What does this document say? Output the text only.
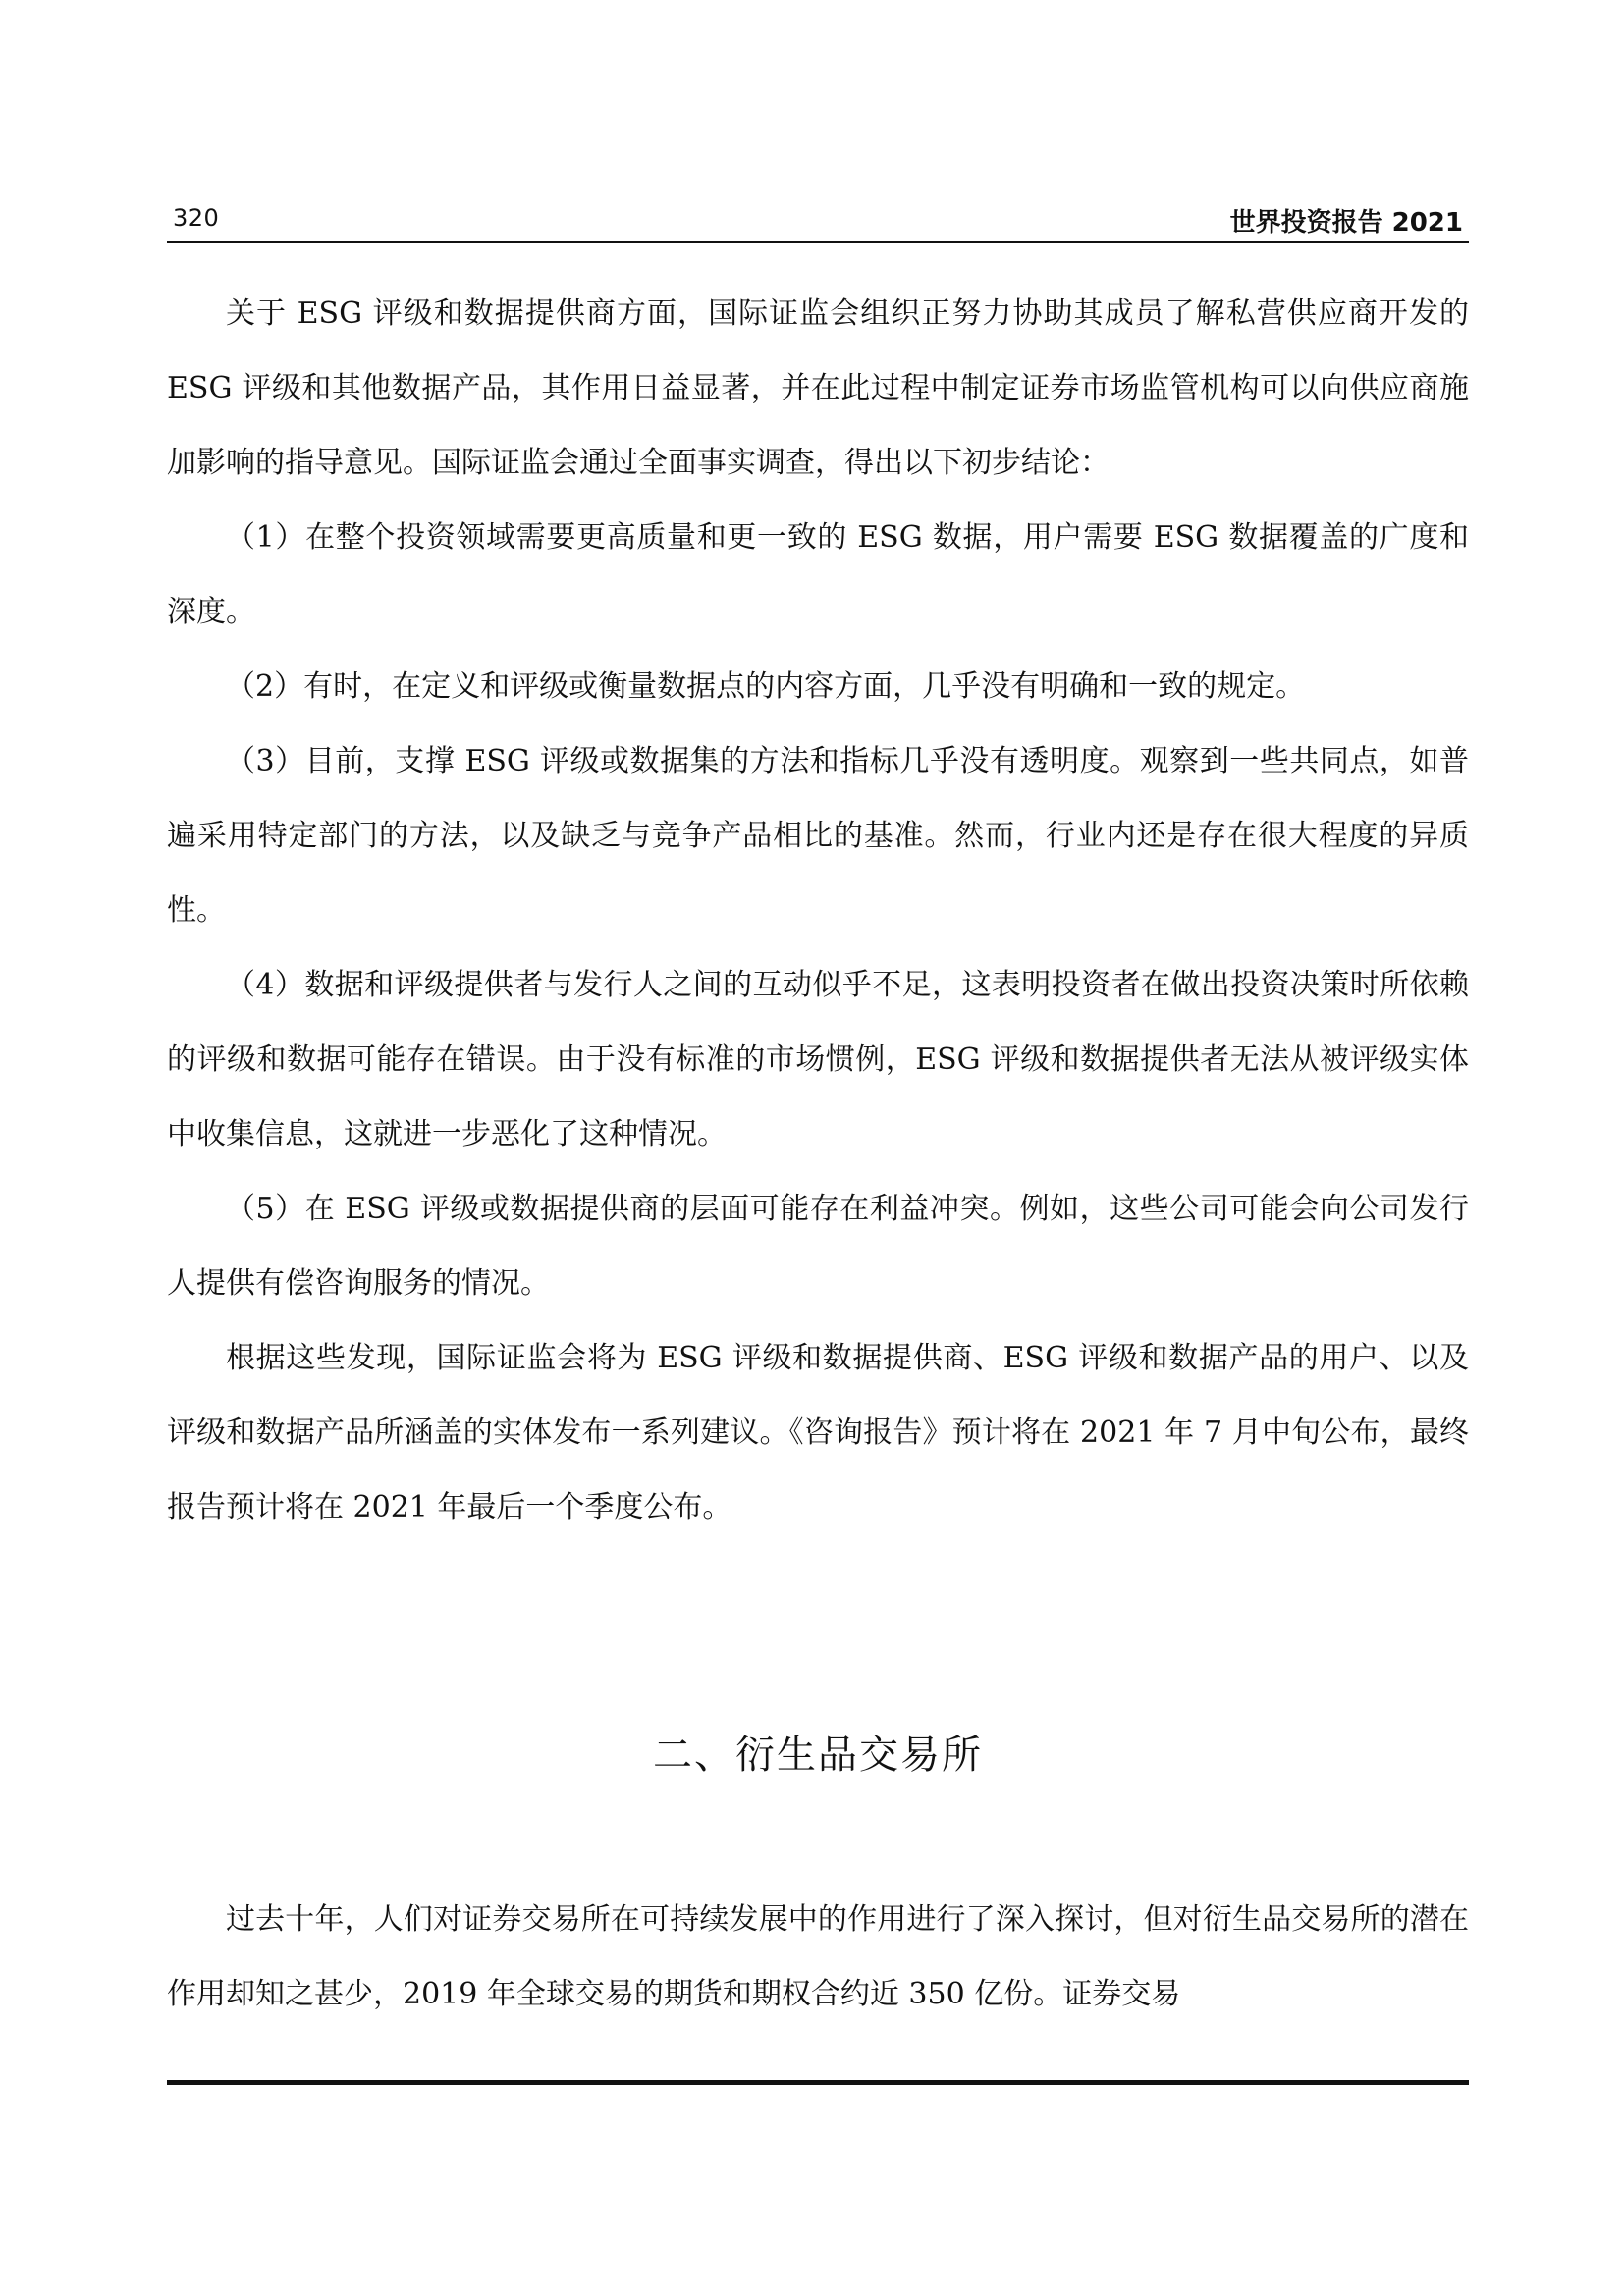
320	世界投资报告 2021

关于 ESG 评级和数据提供商方面，国际证监会组织正努力协助其成员了解私营供应商开发的 ESG 评级和其他数据产品，其作用日益显著，并在此过程中制定证券市场监管机构可以向供应商施加影响的指导意见。国际证监会通过全面事实调查，得出以下初步结论：

（1）在整个投资领域需要更高质量和更一致的 ESG 数据，用户需要 ESG 数据覆盖的广度和深度。

（2）有时，在定义和评级或衡量数据点的内容方面，几乎没有明确和一致的规定。

（3）目前，支撑 ESG 评级或数据集的方法和指标几乎没有透明度。观察到一些共同点，如普遍采用特定部门的方法，以及缺乏与竞争产品相比的基准。然而，行业内还是存在很大程度的异质性。

（4）数据和评级提供者与发行人之间的互动似乎不足，这表明投资者在做出投资决策时所依赖的评级和数据可能存在错误。由于没有标准的市场惯例，ESG 评级和数据提供者无法从被评级实体中收集信息，这就进一步恶化了这种情况。

（5）在 ESG 评级或数据提供商的层面可能存在利益冲突。例如，这些公司可能会向公司发行人提供有偿咨询服务的情况。

根据这些发现，国际证监会将为 ESG 评级和数据提供商、ESG 评级和数据产品的用户、以及评级和数据产品所涵盖的实体发布一系列建议。《咨询报告》预计将在 2021 年 7 月中旬公布，最终报告预计将在 2021 年最后一个季度公布。

二、衍生品交易所

过去十年，人们对证券交易所在可持续发展中的作用进行了深入探讨，但对衍生品交易所的潜在作用却知之甚少，2019 年全球交易的期货和期权合约近 350 亿份。证券交易
